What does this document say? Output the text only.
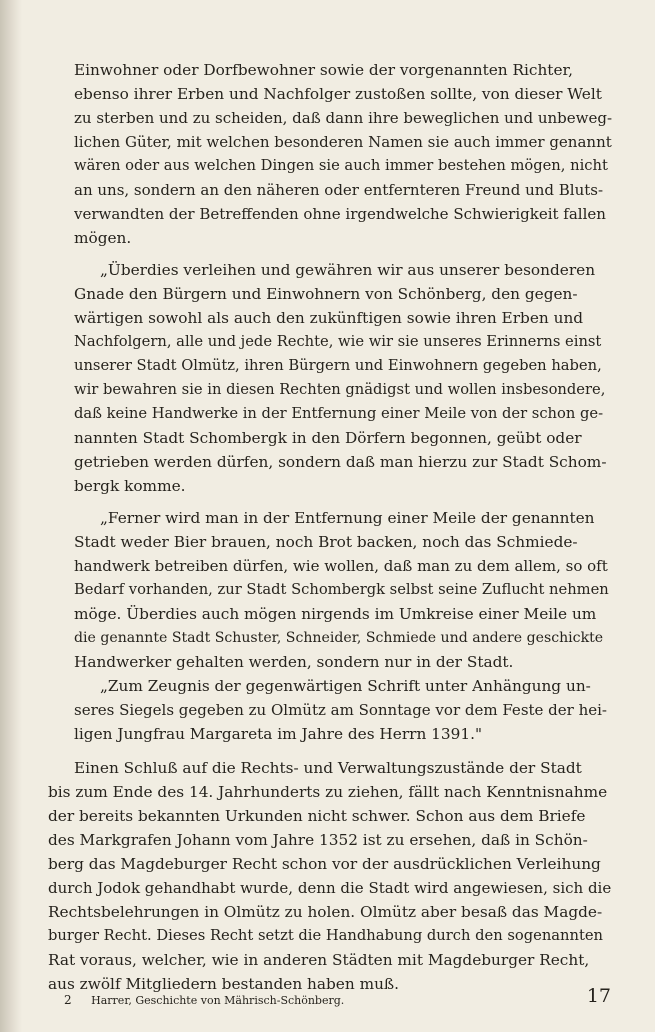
Einwohner oder Dorfbewohner sowie der vorgenannten Richter,
ebenso ihrer Erben und Nachfolger zustoßen sollte, von dieser Welt
zu sterben und zu scheiden, daß dann ihre beweglichen und unbeweg-
lichen Güter, mit welchen besonderen Namen sie auch immer genannt
wären oder aus welchen Dingen sie auch immer bestehen mögen, nicht
an uns, sondern an den näheren oder entfernteren Freund und Bluts-
verwandten der Betreffenden ohne irgendwelche Schwierigkeit fallen
mögen.
„Überdies verleihen und gewähren wir aus unserer besonderen
Gnade den Bürgern und Einwohnern von Schönberg, den gegen-
wärtigen sowohl als auch den zukünftigen sowie ihren Erben und
Nachfolgern, alle und jede Rechte, wie wir sie unseres Erinnerns einst
unserer Stadt Olmütz, ihren Bürgern und Einwohnern gegeben haben,
wir bewahren sie in diesen Rechten gnädigst und wollen insbesondere,
daß keine Handwerke in der Entfernung einer Meile von der schon ge-
nannten Stadt Schombergk in den Dörfern begonnen, geübt oder
getrieben werden dürfen, sondern daß man hierzu zur Stadt Schom-
bergk komme.
„Ferner wird man in der Entfernung einer Meile der genannten
Stadt weder Bier brauen, noch Brot backen, noch das Schmiede-
handwerk betreiben dürfen, wie wollen, daß man zu dem allem, so oft
Bedarf vorhanden, zur Stadt Schombergk selbst seine Zuflucht nehmen
möge. Überdies auch mögen nirgends im Umkreise einer Meile um
die genannte Stadt Schuster, Schneider, Schmiede und andere geschickte
Handwerker gehalten werden, sondern nur in der Stadt.
„Zum Zeugnis der gegenwärtigen Schrift unter Anhängung un-
seres Siegels gegeben zu Olmütz am Sonntage vor dem Feste der hei-
ligen Jungfrau Margareta im Jahre des Herrn 1391."
Einen Schluß auf die Rechts- und Verwaltungszustände der Stadt
bis zum Ende des 14. Jahrhunderts zu ziehen, fällt nach Kenntnisnahme
der bereits bekannten Urkunden nicht schwer. Schon aus dem Briefe
des Markgrafen Johann vom Jahre 1352 ist zu ersehen, daß in Schön-
berg das Magdeburger Recht schon vor der ausdrücklichen Verleihung
durch Jodok gehandhabt wurde, denn die Stadt wird angewiesen, sich die
Rechtsbelehrungen in Olmütz zu holen. Olmütz aber besaß das Magde-
burger Recht. Dieses Recht setzt die Handhabung durch den sogenannten
Rat voraus, welcher, wie in anderen Städten mit Magdeburger Recht,
aus zwölf Mitgliedern bestanden haben muß.
2 Harrer, Geschichte von Mährisch-Schönberg.	17
